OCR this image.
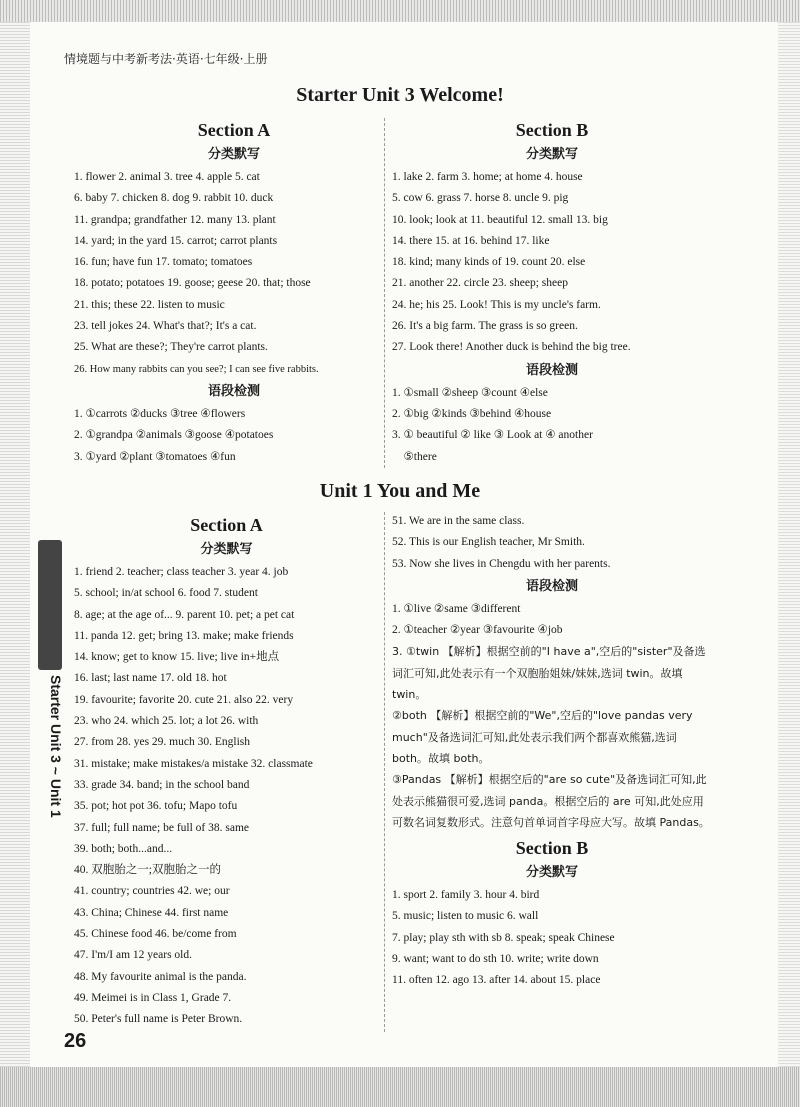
情境题与中考新考法·英语·七年级·上册
Starter Unit 3 Welcome!
Section A
分类默写
1. flower 2. animal 3. tree 4. apple 5. cat
6. baby 7. chicken 8. dog 9. rabbit 10. duck
11. grandpa; grandfather 12. many 13. plant
14. yard; in the yard 15. carrot; carrot plants
16. fun; have fun 17. tomato; tomatoes
18. potato; potatoes 19. goose; geese 20. that; those
21. this; these 22. listen to music
23. tell jokes 24. What's that?; It's a cat.
25. What are these?; They're carrot plants.
26. How many rabbits can you see?; I can see five rabbits.
语段检测
1. ①carrots ②ducks ③tree ④flowers
2. ①grandpa ②animals ③goose ④potatoes
3. ①yard ②plant ③tomatoes ④fun
Section B
分类默写
1. lake 2. farm 3. home; at home 4. house
5. cow 6. grass 7. horse 8. uncle 9. pig
10. look; look at 11. beautiful 12. small 13. big
14. there 15. at 16. behind 17. like
18. kind; many kinds of 19. count 20. else
21. another 22. circle 23. sheep; sheep
24. he; his 25. Look! This is my uncle's farm.
26. It's a big farm. The grass is so green.
27. Look there! Another duck is behind the big tree.
语段检测
1. ①small ②sheep ③count ④else
2. ①big ②kinds ③behind ④house
3. ① beautiful ② like ③ Look at ④ another
⑤there
Unit 1 You and Me
Starter Unit 3 ~ Unit 1
Section A
分类默写
1. friend 2. teacher; class teacher 3. year 4. job
5. school; in/at school 6. food 7. student
8. age; at the age of... 9. parent 10. pet; a pet cat
11. panda 12. get; bring 13. make; make friends
14. know; get to know 15. live; live in+地点
16. last; last name 17. old 18. hot
19. favourite; favorite 20. cute 21. also 22. very
23. who 24. which 25. lot; a lot 26. with
27. from 28. yes 29. much 30. English
31. mistake; make mistakes/a mistake 32. classmate
33. grade 34. band; in the school band
35. pot; hot pot 36. tofu; Mapo tofu
37. full; full name; be full of 38. same
39. both; both...and...
40. 双胞胎之一;双胞胎之一的
41. country; countries 42. we; our
43. China; Chinese 44. first name
45. Chinese food 46. be/come from
47. I'm/I am 12 years old.
48. My favourite animal is the panda.
49. Meimei is in Class 1, Grade 7.
50. Peter's full name is Peter Brown.
51. We are in the same class.
52. This is our English teacher, Mr Smith.
53. Now she lives in Chengdu with her parents.
语段检测
1. ①live ②same ③different
2. ①teacher ②year ③favourite ④job
3. ①twin 【解析】根据空前的"I have a",空后的"sister"及备选词汇可知,此处表示有一个双胞胎姐妹/妹妹,选词 twin。故填 twin。
②both 【解析】根据空前的"We",空后的"love pandas very much"及备选词汇可知,此处表示我们两个都喜欢熊猫,选词 both。故填 both。
③Pandas 【解析】根据空后的"are so cute"及备选词汇可知,此处表示熊猫很可爱,选词 panda。根据空后的 are 可知,此处应用可数名词复数形式。注意句首单词首字母应大写。故填 Pandas。
Section B
分类默写
1. sport 2. family 3. hour 4. bird
5. music; listen to music 6. wall
7. play; play sth with sb 8. speak; speak Chinese
9. want; want to do sth 10. write; write down
11. often 12. ago 13. after 14. about 15. place
26
